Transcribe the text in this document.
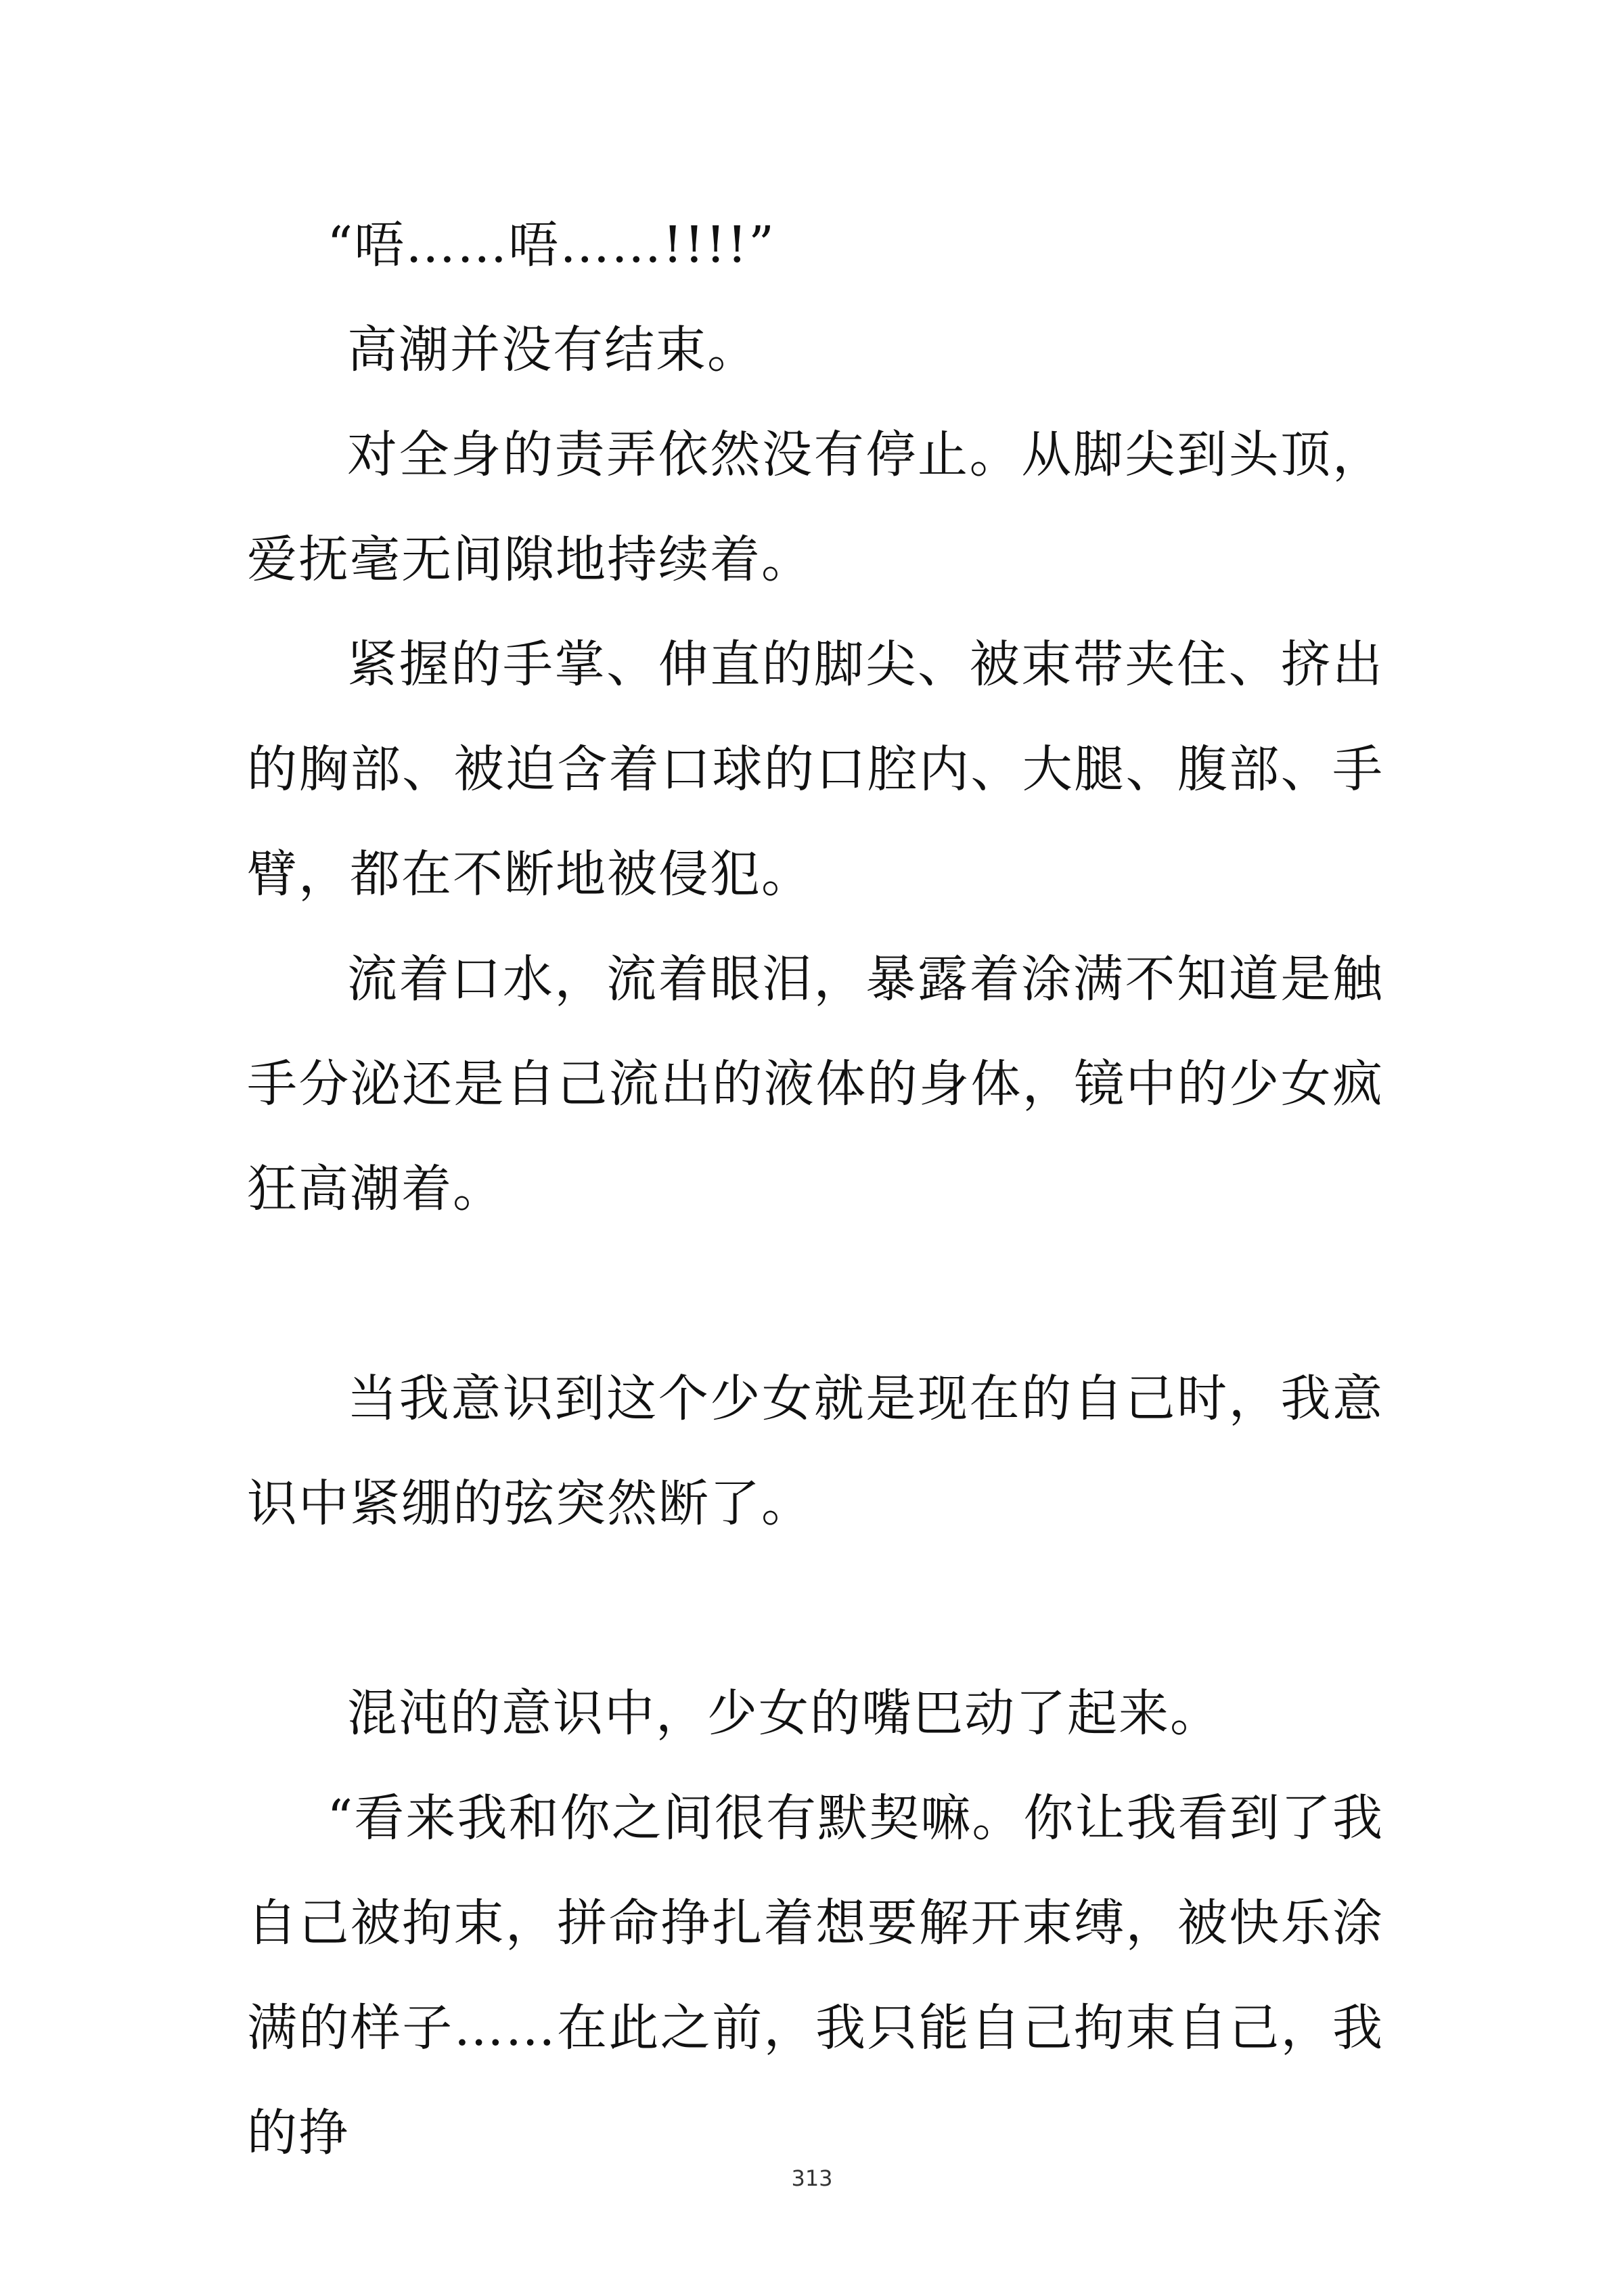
“唔……唔……!!!!”

高潮并没有结束。

对全身的责弄依然没有停止。从脚尖到头顶，爱抚毫无间隙地持续着。

紧握的手掌、伸直的脚尖、被束带夹住、挤出的胸部、被迫含着口球的口腔内、大腿、腹部、手臂，都在不断地被侵犯。

流着口水，流着眼泪，暴露着涂满不知道是触手分泌还是自己流出的液体的身体，镜中的少女疯狂高潮着。

当我意识到这个少女就是现在的自己时，我意识中紧绷的弦突然断了。

混沌的意识中，少女的嘴巴动了起来。

“看来我和你之间很有默契嘛。你让我看到了我自己被拘束，拼命挣扎着想要解开束缚，被快乐涂满的样子……在此之前，我只能自己拘束自己，我的挣

313
